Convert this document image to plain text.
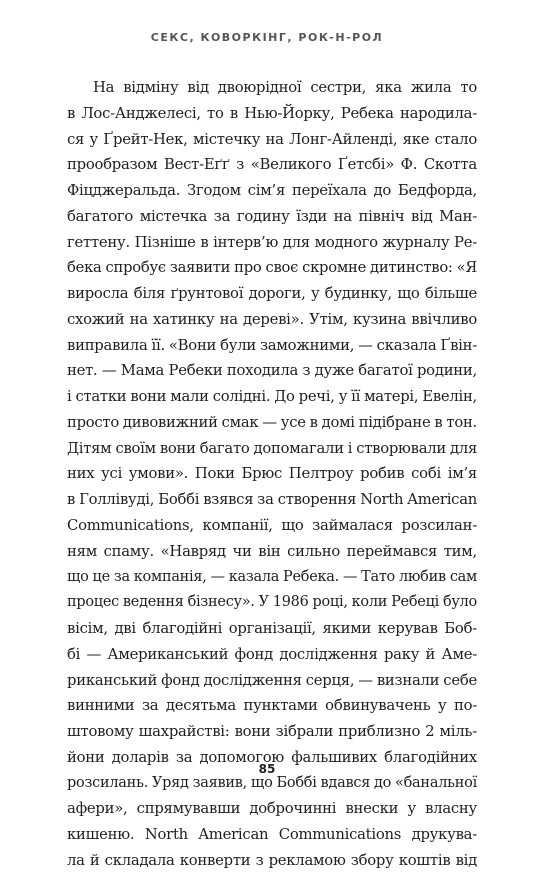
СЕКС, КОВОРКІНГ, РОК-Н-РОЛ
На відміну від двоюрідної сестри, яка жила то
в Лос-Анджелесі, то в Нью-Йорку, Ребека народила-
ся у Ґрейт-Нек, містечку на Лонг-Айленді, яке стало
прообразом Вест-Еґґ з «Великого Ґетсбі» Ф. Скотта
Фіцджеральда. Згодом сім’я переїхала до Бедфорда,
багатого містечка за годину їзди на північ від Ман-
геттену. Пізніше в інтерв’ю для модного журналу Ре-
бека спробує заявити про своє скромне дитинство: «Я
виросла біля ґрунтової дороги, у будинку, що більше
схожий на хатинку на дереві». Утім, кузина ввічливо
виправила її. «Вони були заможними, — сказала Ґвін-
нет. — Мама Ребеки походила з дуже багатої родини,
і статки вони мали солідні. До речі, у її матері, Евелін,
просто дивовижний смак — усе в домі підібране в тон.
Дітям своїм вони багато допомагали і створювали для
них усі умови». Поки Брюс Пелтроу робив собі ім’я
в Голлівуді, Боббі взявся за створення North American
Communications, компанії, що займалася розсилан-
ням спаму. «Навряд чи він сильно переймався тим,
що це за компанія, — казала Ребека. — Тато любив сам
процес ведення бізнесу». У 1986 році, коли Ребеці було
вісім, дві благодійні організації, якими керував Боб-
бі — Американський фонд дослідження раку й Аме-
риканський фонд дослідження серця, — визнали себе
винними за десятьма пунктами обвинувачень у по-
штовому шахрайстві: вони зібрали приблизно 2 міль-
йони доларів за допомогою фальшивих благодійних
розсилань. Уряд заявив, що Боббі вдався до «банальної
афери», спрямувавши доброчинні внески у власну
кишеню. North American Communications друкува-
ла й складала конверти з рекламою збору коштів від
85
